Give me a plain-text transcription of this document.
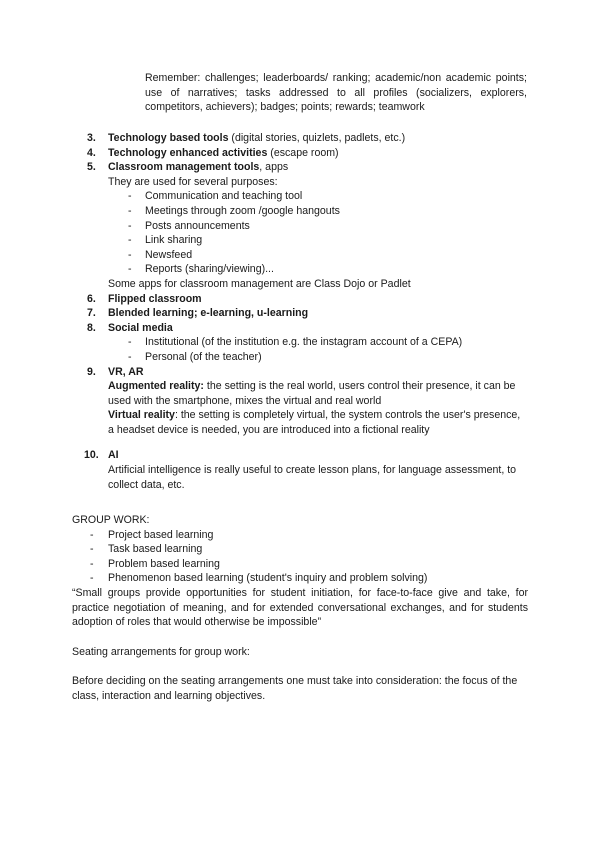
Remember: challenges; leaderboards/ ranking; academic/non academic points; use of narratives; tasks addressed to all profiles (socializers, explorers, competitors, achievers); badges; points; rewards; teamwork
3.	Technology based tools (digital stories, quizlets, padlets, etc.)
4.	Technology enhanced activities (escape room)
5.	Classroom management tools, apps
They are used for several purposes:
- Communication and teaching tool
- Meetings through zoom /google hangouts
- Posts announcements
- Link sharing
- Newsfeed
- Reports (sharing/viewing)...
Some apps for classroom management are Class Dojo or Padlet
6.	Flipped classroom
7.	Blended learning; e-learning, u-learning
8.	Social media
- Institutional (of the institution e.g. the instagram account of a CEPA)
- Personal (of the teacher)
9.	VR, AR
Augmented reality: the setting is the real world, users control their presence, it can be used with the smartphone, mixes the virtual and real world
Virtual reality: the setting is completely virtual, the system controls the user's presence, a headset device is needed, you are introduced into a fictional reality
10. AI
Artificial intelligence is really useful to create lesson plans, for language assessment, to collect data, etc.
GROUP WORK:
- Project based learning
- Task based learning
- Problem based learning
- Phenomenon based learning (student's inquiry and problem solving)

“Small groups provide opportunities for student initiation, for face-to-face give and take, for practice negotiation of meaning, and for extended conversational exchanges, and for students adoption of roles that would otherwise be impossible”

Seating arrangements for group work:

Before deciding on the seating arrangements one must take into consideration: the focus of the class, interaction and learning objectives.
